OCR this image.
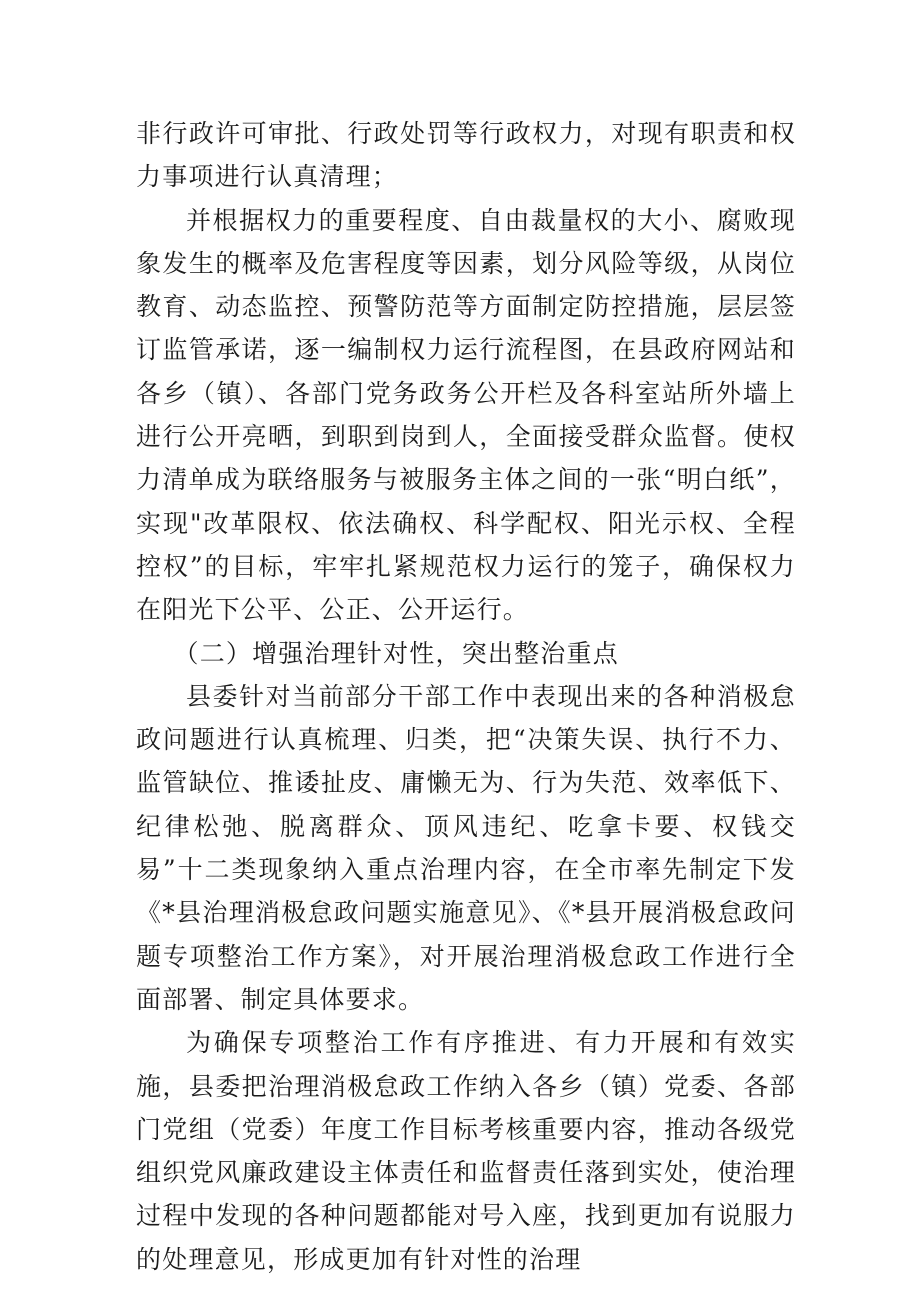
非行政许可审批、行政处罚等行政权力，对现有职责和权力事项进行认真清理；

并根据权力的重要程度、自由裁量权的大小、腐败现象发生的概率及危害程度等因素，划分风险等级，从岗位教育、动态监控、预警防范等方面制定防控措施，层层签订监管承诺，逐一编制权力运行流程图，在县政府网站和各乡（镇）、各部门党务政务公开栏及各科室站所外墙上进行公开亮晒，到职到岗到人，全面接受群众监督。使权力清单成为联络服务与被服务主体之间的一张“明白纸”，实现"改革限权、依法确权、科学配权、阳光示权、全程控权”的目标，牢牢扎紧规范权力运行的笼子，确保权力在阳光下公平、公正、公开运行。

（二）增强治理针对性，突出整治重点

县委针对当前部分干部工作中表现出来的各种消极怠政问题进行认真梳理、归类，把“决策失误、执行不力、监管缺位、推诿扯皮、庸懒无为、行为失范、效率低下、纪律松弛、脱离群众、顶风违纪、吃拿卡要、权钱交易”十二类现象纳入重点治理内容，在全市率先制定下发《*县治理消极怠政问题实施意见》、《*县开展消极怠政问题专项整治工作方案》，对开展治理消极怠政工作进行全面部署、制定具体要求。

为确保专项整治工作有序推进、有力开展和有效实施，县委把治理消极怠政工作纳入各乡（镇）党委、各部门党组（党委）年度工作目标考核重要内容，推动各级党组织党风廉政建设主体责任和监督责任落到实处，使治理过程中发现的各种问题都能对号入座，找到更加有说服力的处理意见，形成更加有针对性的治理
